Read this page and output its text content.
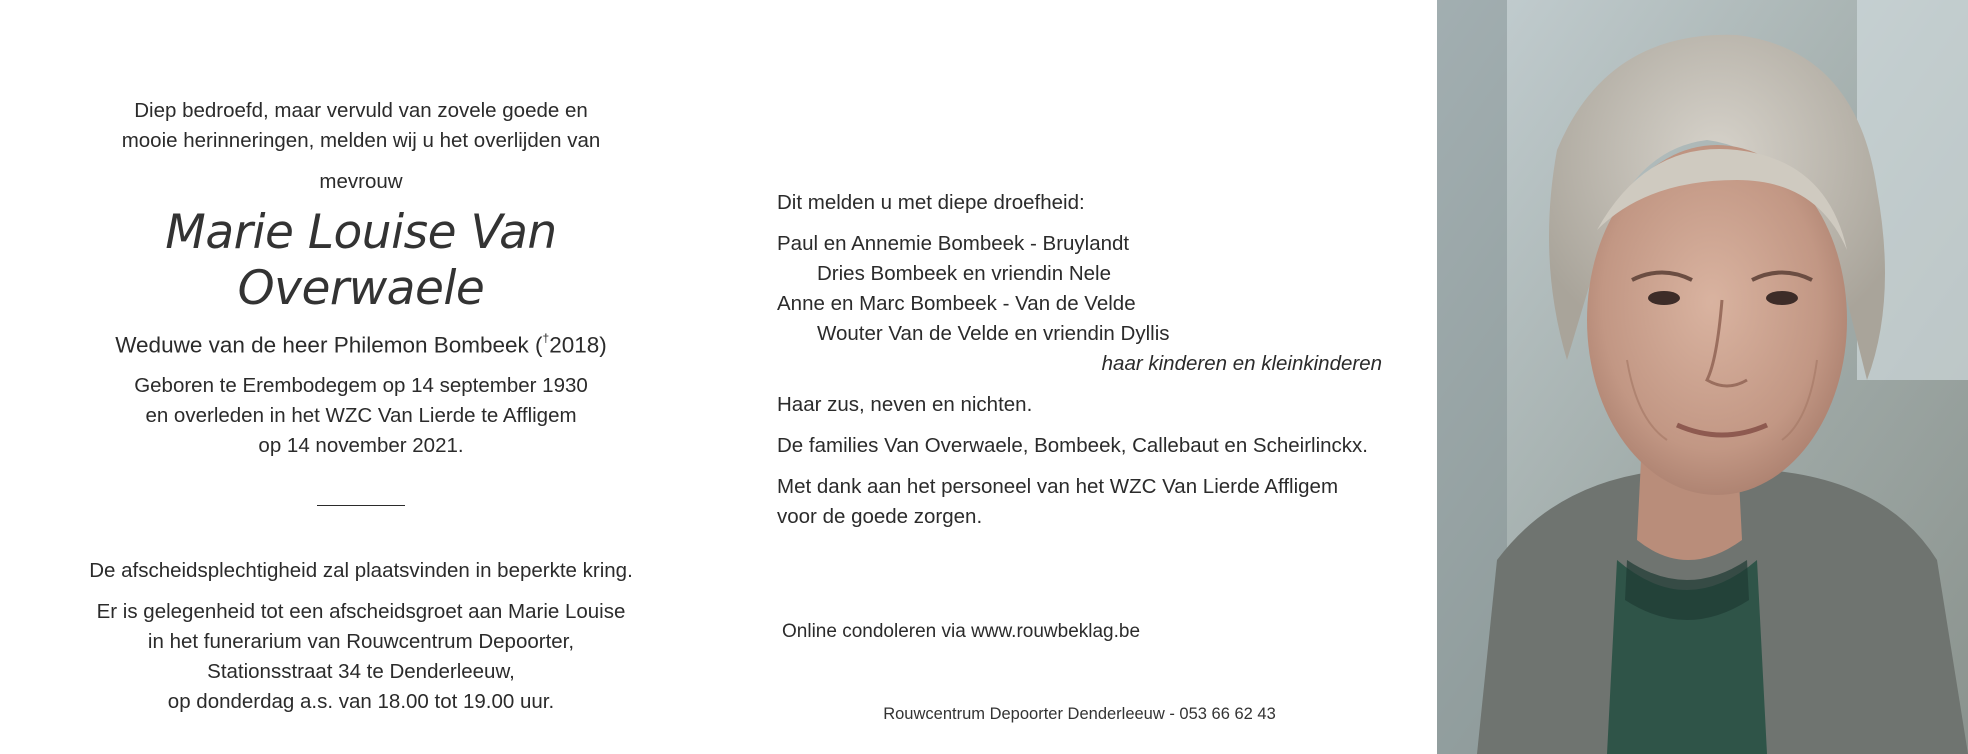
Diep bedroefd, maar vervuld van zovele goede en
mooie herinneringen, melden wij u het overlijden van

mevrouw

Marie Louise Van Overwaele

Weduwe van de heer Philemon Bombeek (†2018)

Geboren te Erembodegem op 14 september 1930
en overleden in het WZC Van Lierde te Affligem
op 14 november 2021.

De afscheidsplechtigheid zal plaatsvinden in beperkte kring.

Er is gelegenheid tot een afscheidsgroet aan Marie Louise
in het funerarium van Rouwcentrum Depoorter,
Stationsstraat 34 te Denderleeuw,
op donderdag a.s. van 18.00 tot 19.00 uur.

Dit melden u met diepe droefheid:

Paul en Annemie Bombeek - Bruylandt

Dries Bombeek en vriendin Nele

Anne en Marc Bombeek - Van de Velde

Wouter Van de Velde en vriendin Dyllis

haar kinderen en kleinkinderen

Haar zus, neven en nichten.

De families Van Overwaele, Bombeek, Callebaut en Scheirlinckx.

Met dank aan het personeel van het WZC Van Lierde Affligem
voor de goede zorgen.

Online condoleren via www.rouwbeklag.be
Rouwcentrum Depoorter Denderleeuw - 053 66 62 43
